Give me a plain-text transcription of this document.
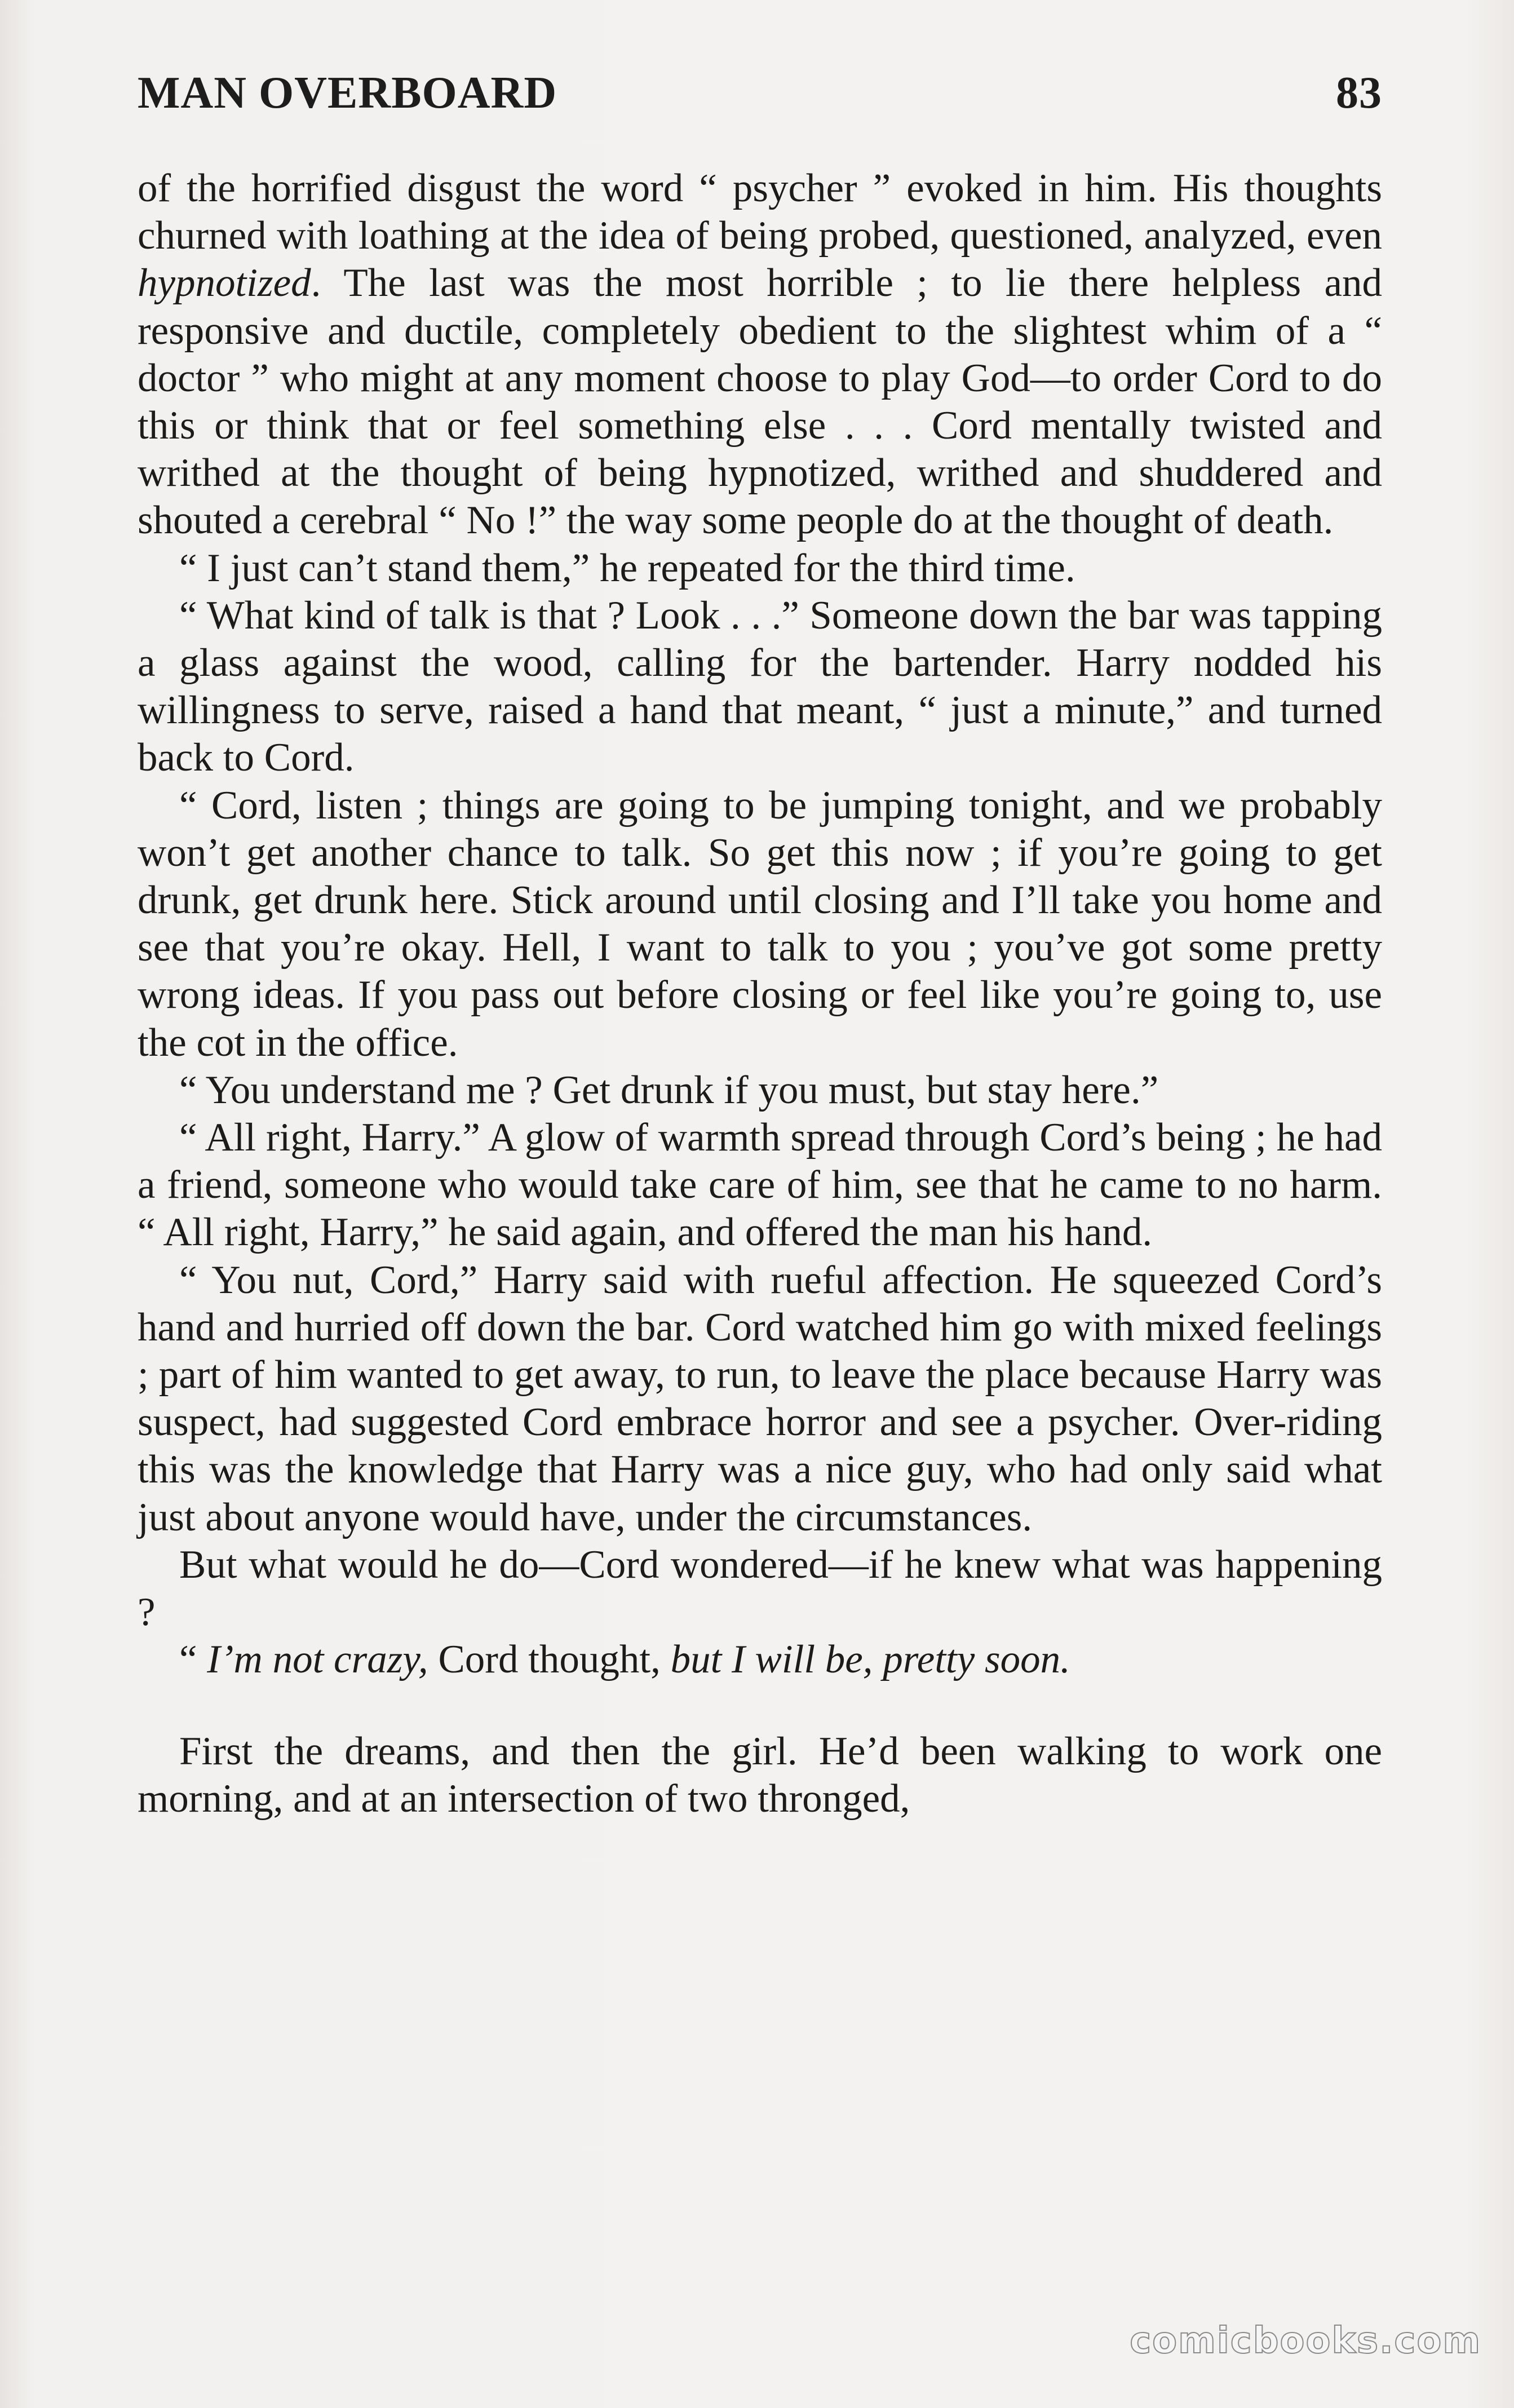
MAN OVERBOARD	83

of the horrified disgust the word “ psycher ” evoked in him. His thoughts churned with loathing at the idea of being probed, questioned, analyzed, even hypnotized. The last was the most horrible ; to lie there helpless and responsive and ductile, completely obedient to the slightest whim of a “ doctor ” who might at any moment choose to play God—to order Cord to do this or think that or feel something else . . . Cord mentally twisted and writhed at the thought of being hypnotized, writhed and shuddered and shouted a cerebral “ No !” the way some people do at the thought of death.

“ I just can’t stand them,” he repeated for the third time.

“ What kind of talk is that ? Look . . .” Someone down the bar was tapping a glass against the wood, calling for the bartender. Harry nodded his willingness to serve, raised a hand that meant, “ just a minute,” and turned back to Cord.

“ Cord, listen ; things are going to be jumping tonight, and we probably won’t get another chance to talk. So get this now ; if you’re going to get drunk, get drunk here. Stick around until closing and I’ll take you home and see that you’re okay. Hell, I want to talk to you ; you’ve got some pretty wrong ideas. If you pass out before closing or feel like you’re going to, use the cot in the office.

“ You understand me ? Get drunk if you must, but stay here.”

“ All right, Harry.” A glow of warmth spread through Cord’s being ; he had a friend, someone who would take care of him, see that he came to no harm. “ All right, Harry,” he said again, and offered the man his hand.

“ You nut, Cord,” Harry said with rueful affection. He squeezed Cord’s hand and hurried off down the bar. Cord watched him go with mixed feelings ; part of him wanted to get away, to run, to leave the place because Harry was suspect, had suggested Cord embrace horror and see a psycher. Over-riding this was the knowledge that Harry was a nice guy, who had only said what just about anyone would have, under the circumstances.

But what would he do—Cord wondered—if he knew what was happening ?

“ I’m not crazy, Cord thought, but I will be, pretty soon.

First the dreams, and then the girl. He’d been walking to work one morning, and at an intersection of two thronged,

comicbooks.com
